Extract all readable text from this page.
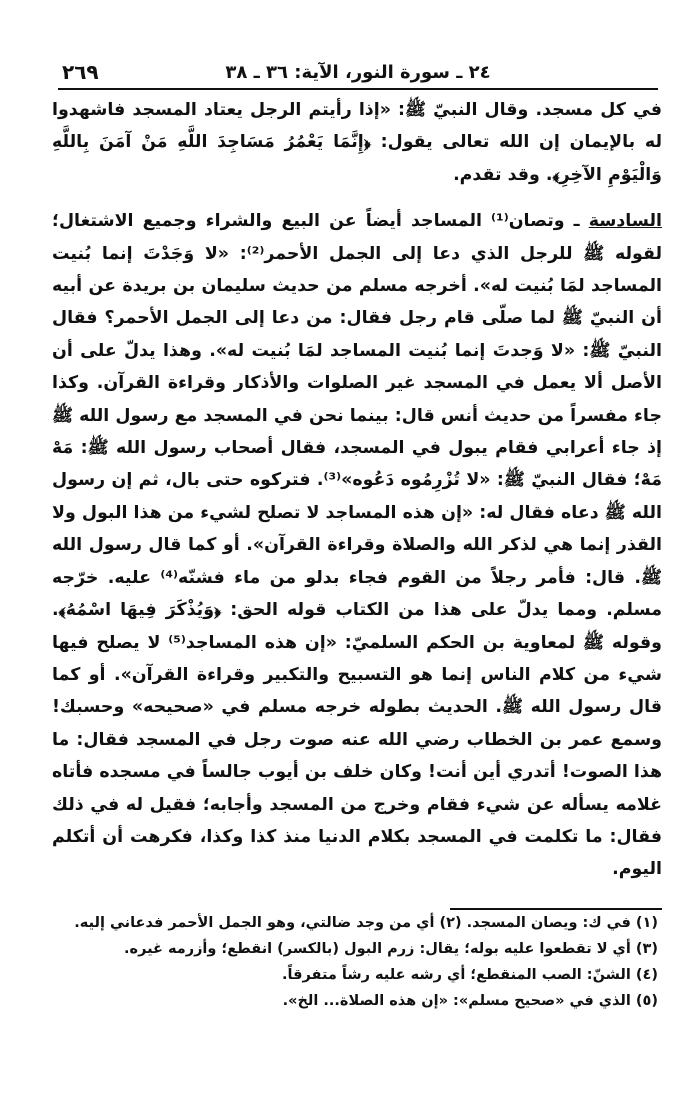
٢٦٩	٢٤ ـ سورة النور، الآية: ٣٦ ـ ٣٨

في كل مسجد. وقال النبيّ ﷺ: «إذا رأيتم الرجل يعتاد المسجد فاشهدوا له بالإيمان إن الله تعالى يقول: ﴿إِنَّمَا يَعْمُرُ مَسَاجِدَ اللَّهِ مَنْ آمَنَ بِاللَّهِ وَالْيَوْمِ الآخِرِ﴾. وقد تقدم.

السادسة ـ وتصان⁽¹⁾ المساجد أيضاً عن البيع والشراء وجميع الاشتغال؛ لقوله ﷺ للرجل الذي دعا إلى الجمل الأحمر⁽²⁾: «لا وَجَدْتَ إنما بُنيت المساجد لمَا بُنيت له». أخرجه مسلم من حديث سليمان بن بريدة عن أبيه أن النبيّ ﷺ لما صلّى قام رجل فقال: من دعا إلى الجمل الأحمر؟ فقال النبيّ ﷺ: «لا وَجدتَ إنما بُنيت المساجد لمَا بُنيت له». وهذا يدلّ على أن الأصل ألا يعمل في المسجد غير الصلوات والأذكار وقراءة القرآن. وكذا جاء مفسراً من حديث أنس قال: بينما نحن في المسجد مع رسول الله ﷺ إذ جاء أعرابي فقام يبول في المسجد، فقال أصحاب رسول الله ﷺ: مَهْ مَهْ؛ فقال النبيّ ﷺ: «لا تُزْرِمُوه دَعُوه»⁽³⁾. فتركوه حتى بال، ثم إن رسول الله ﷺ دعاه فقال له: «إن هذه المساجد لا تصلح لشيء من هذا البول ولا القذر إنما هي لذكر الله والصلاة وقراءة القرآن». أو كما قال رسول الله ﷺ. قال: فأمر رجلاً من القوم فجاء بدلو من ماء فشنّه⁽⁴⁾ عليه. خرّجه مسلم. ومما يدلّ على هذا من الكتاب قوله الحق: ﴿وَيُذْكَرَ فِيهَا اسْمُهُ﴾. وقوله ﷺ لمعاوية بن الحكم السلميّ: «إن هذه المساجد⁽⁵⁾ لا يصلح فيها شيء من كلام الناس إنما هو التسبيح والتكبير وقراءة القرآن». أو كما قال رسول الله ﷺ. الحديث بطوله خرجه مسلم في «صحيحه» وحسبك! وسمع عمر بن الخطاب رضي الله عنه صوت رجل في المسجد فقال: ما هذا الصوت! أتدري أين أنت! وكان خلف بن أيوب جالساً في مسجده فأتاه غلامه يسأله عن شيء فقام وخرج من المسجد وأجابه؛ فقيل له في ذلك فقال: ما تكلمت في المسجد بكلام الدنيا منذ كذا وكذا، فكرهت أن أتكلم اليوم.

(١) في ك: ويصان المسجد. (٢) أي من وجد ضالتي، وهو الجمل الأحمر فدعاني إليه.
(٣) أي لا تقطعوا عليه بوله؛ يقال: زرم البول (بالكسر) انقطع؛ وأزرمه غيره.
(٤) الشنّ: الصب المنقطع؛ أي رشه عليه رشاً متفرقاً.
(٥) الذي في «صحيح مسلم»: «إن هذه الصلاة... الخ».
